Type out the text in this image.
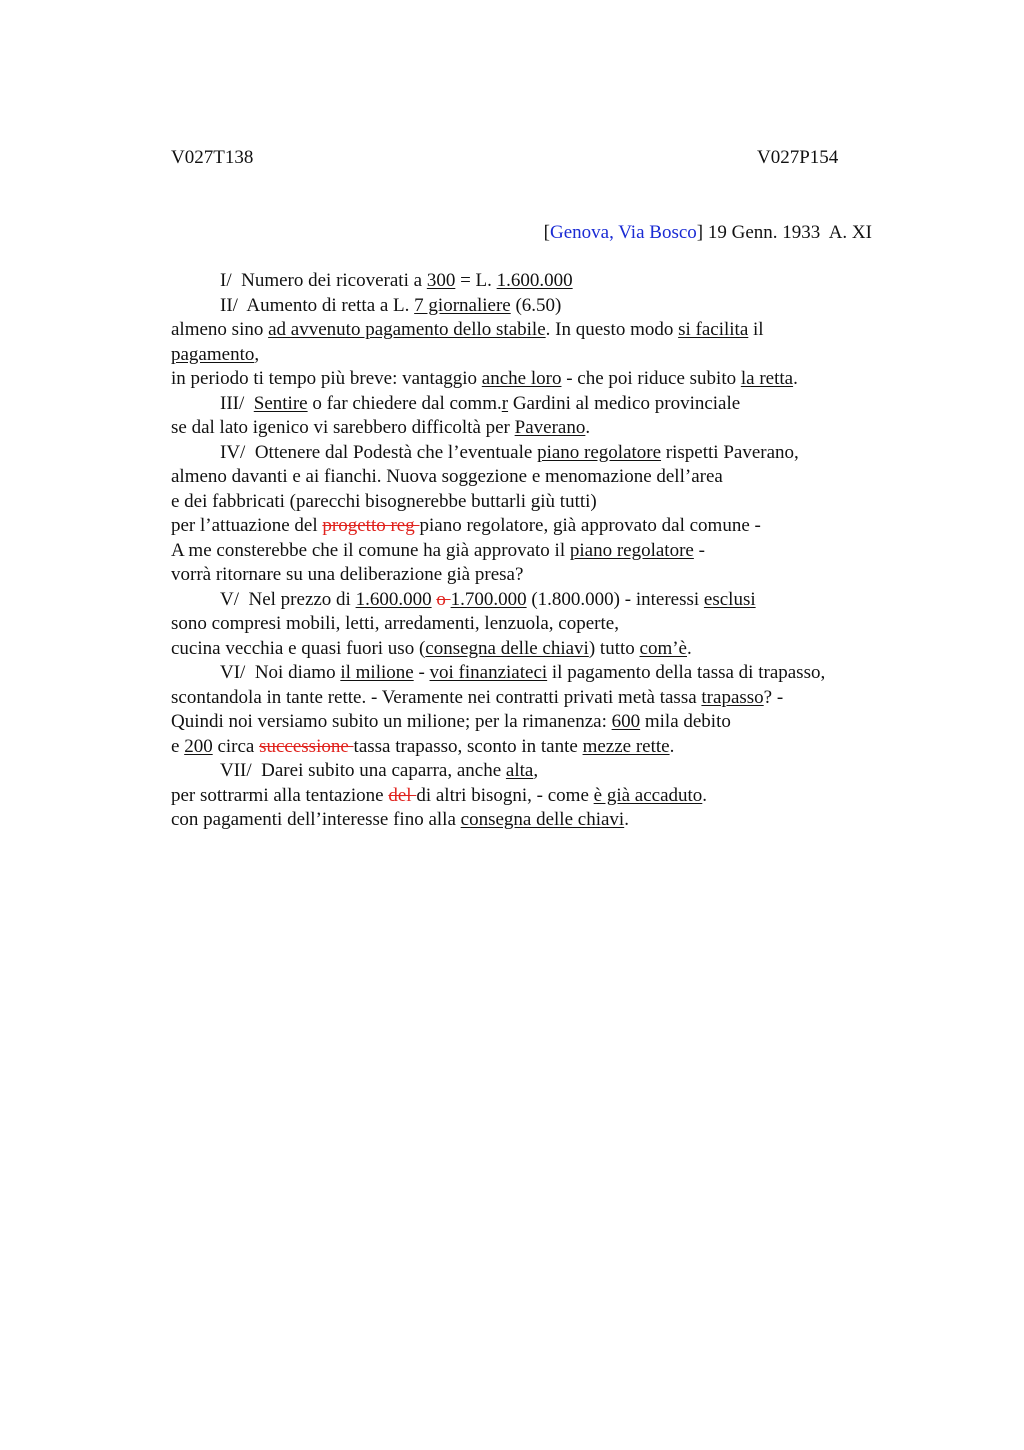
V027T138	V027P154
[Genova, Via Bosco] 19 Genn. 1933  A. XI
I/  Numero dei ricoverati a 300 = L. 1.600.000
II/  Aumento di retta a L. 7 giornaliere (6.50)
almeno sino ad avvenuto pagamento dello stabile. In questo modo si facilita il
pagamento,
in periodo ti tempo più breve: vantaggio anche loro - che poi riduce subito la retta.
III/  Sentire o far chiedere dal comm.r Gardini al medico provinciale
se dal lato igenico vi sarebbero difficoltà per Paverano.
IV/  Ottenere dal Podestà che l’eventuale piano regolatore rispetti Paverano,
almeno davanti e ai fianchi. Nuova soggezione e menomazione dell’area
e dei fabbricati (parecchi bisognerebbe buttarli giù tutti)
per l’attuazione del progetto reg piano regolatore, già approvato dal comune -
A me consterebbe che il comune ha già approvato il piano regolatore -
vorrà ritornare su una deliberazione già presa?
V/  Nel prezzo di 1.600.000 o 1.700.000 (1.800.000) - interessi esclusi
sono compresi mobili, letti, arredamenti, lenzuola, coperte,
cucina vecchia e quasi fuori uso (consegna delle chiavi) tutto com’è.
VI/  Noi diamo il milione - voi finanziateci il pagamento della tassa di trapasso,
scontandola in tante rette. - Veramente nei contratti privati metà tassa trapasso? -
Quindi noi versiamo subito un milione; per la rimanenza: 600 mila debito
e 200 circa successione tassa trapasso, sconto in tante mezze rette.
VII/  Darei subito una caparra, anche alta,
per sottrarmi alla tentazione del di altri bisogni, - come è già accaduto.
con pagamenti dell’interesse fino alla consegna delle chiavi.
